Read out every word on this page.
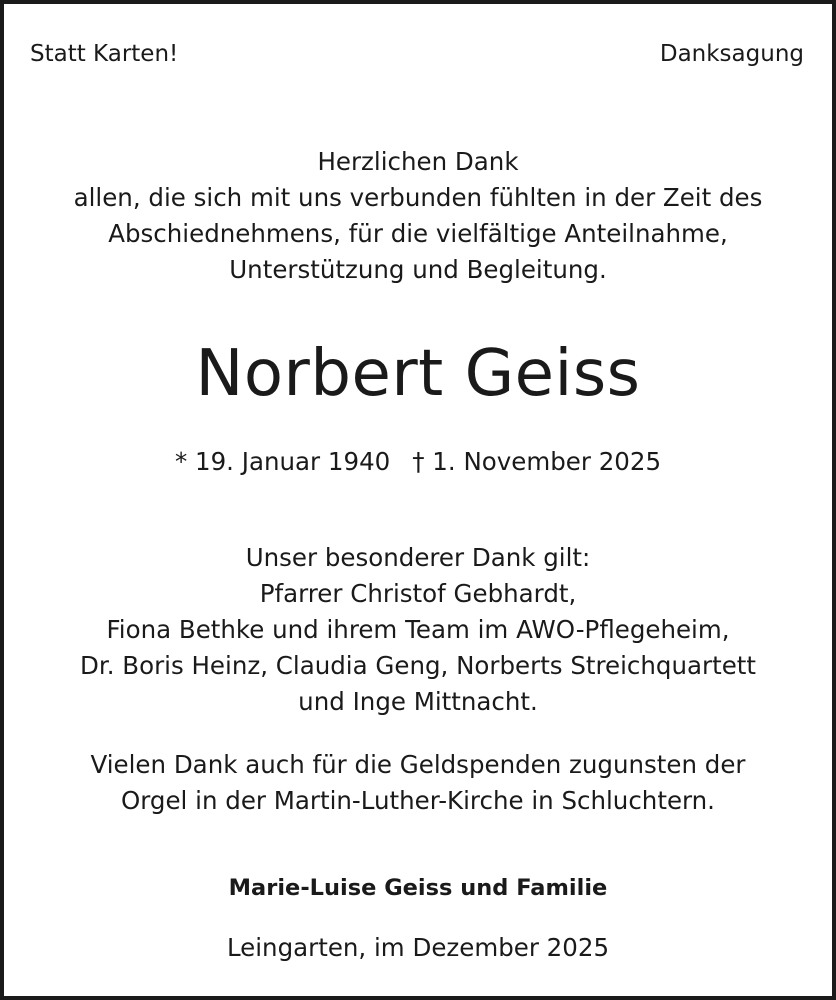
Statt Karten!	Danksagung
Herzlichen Dank
allen, die sich mit uns verbunden fühlten in der Zeit des
Abschiednehmens, für die vielfältige Anteilnahme,
Unterstützung und Begleitung.
Norbert Geiss
* 19. Januar 1940 † 1. November 2025
Unser besonderer Dank gilt:
Pfarrer Christof Gebhardt,
Fiona Bethke und ihrem Team im AWO-Pflegeheim,
Dr. Boris Heinz, Claudia Geng, Norberts Streichquartett
und Inge Mittnacht.
Vielen Dank auch für die Geldspenden zugunsten der
Orgel in der Martin-Luther-Kirche in Schluchtern.
Marie-Luise Geiss und Familie
Leingarten, im Dezember 2025
